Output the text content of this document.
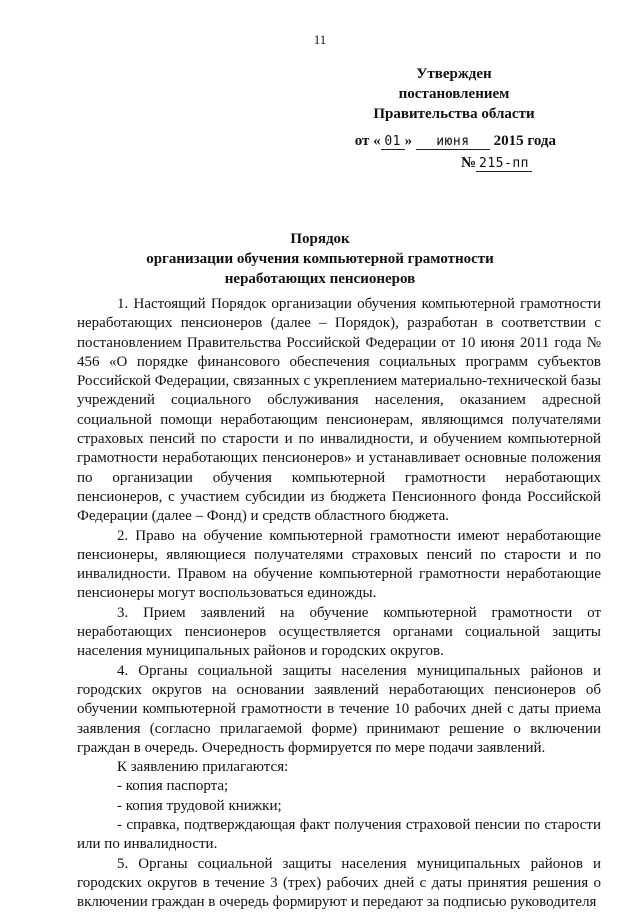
11
Утвержден
постановлением
Правительства области
от « 01 » июня 2015 года
№ 215-пп
Порядок
организации обучения компьютерной грамотности
неработающих пенсионеров

1. Настоящий Порядок организации обучения компьютерной грамотности неработающих пенсионеров (далее – Порядок), разработан в соответствии с постановлением Правительства Российской Федерации от 10 июня 2011 года № 456 «О порядке финансового обеспечения социальных программ субъектов Российской Федерации, связанных с укреплением материально-технической базы учреждений социального обслуживания населения, оказанием адресной социальной помощи неработающим пенсионерам, являющимся получателями страховых пенсий по старости и по инвалидности, и обучением компьютерной грамотности неработающих пенсионеров» и устанавливает основные положения по организации обучения компьютерной грамотности неработающих пенсионеров, с участием субсидии из бюджета Пенсионного фонда Российской Федерации (далее – Фонд) и средств областного бюджета.

2. Право на обучение компьютерной грамотности имеют неработающие пенсионеры, являющиеся получателями страховых пенсий по старости и по инвалидности. Правом на обучение компьютерной грамотности неработающие пенсионеры могут воспользоваться единожды.

3. Прием заявлений на обучение компьютерной грамотности от неработающих пенсионеров осуществляется органами социальной защиты населения муниципальных районов и городских округов.

4. Органы социальной защиты населения муниципальных районов и городских округов на основании заявлений неработающих пенсионеров об обучении компьютерной грамотности в течение 10 рабочих дней с даты приема заявления (согласно прилагаемой форме) принимают решение о включении граждан в очередь. Очередность формируется по мере подачи заявлений.

К заявлению прилагаются:

- копия паспорта;

- копия трудовой книжки;

- справка, подтверждающая факт получения страховой пенсии по старости или по инвалидности.

5. Органы социальной защиты населения муниципальных районов и городских округов в течение 3 (трех) рабочих дней с даты принятия решения о включении граждан в очередь формируют и передают за подписью руководителя
